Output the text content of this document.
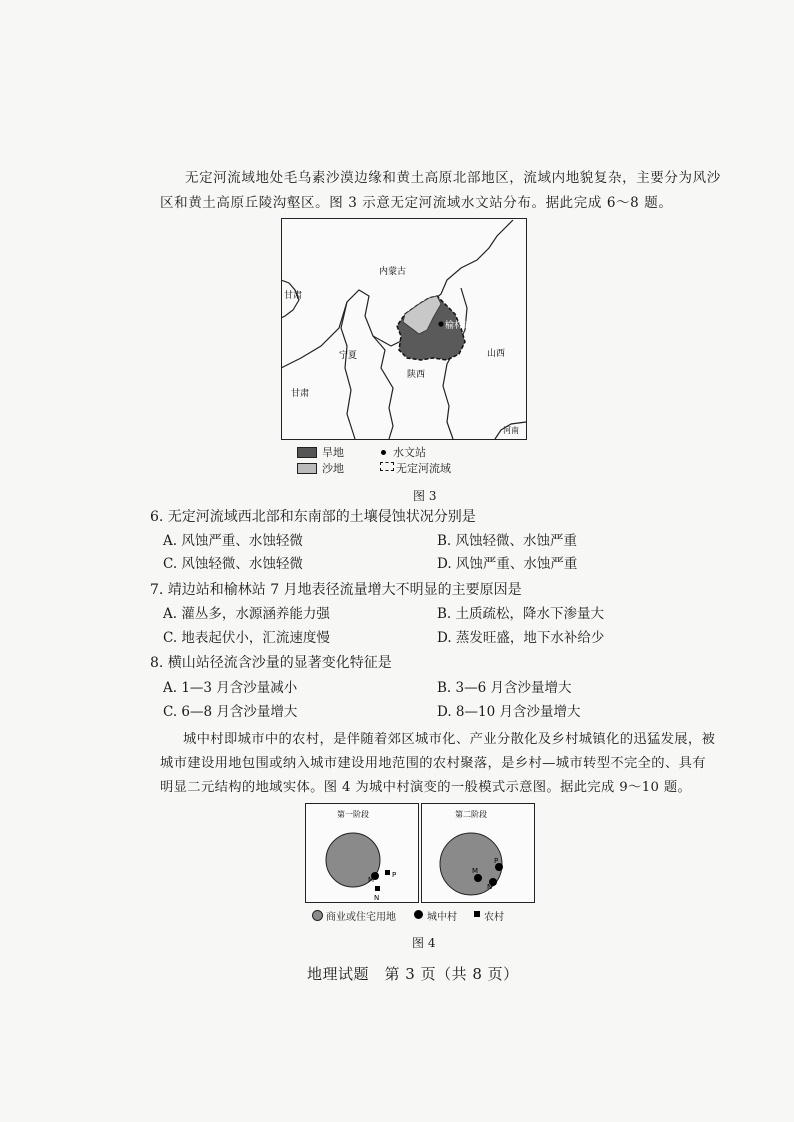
无定河流域地处毛乌素沙漠边缘和黄土高原北部地区，流域内地貌复杂，主要分为风沙
区和黄土高原丘陵沟壑区。图 3 示意无定河流域水文站分布。据此完成 6～8 题。
榆林站
内蒙古
甘肃
宁夏
陕西
山西
甘肃
河南
旱地
沙地
水文站
无定河流域
图 3
6. 无定河流域西北部和东南部的土壤侵蚀状况分别是
A. 风蚀严重、水蚀轻微	B. 风蚀轻微、水蚀严重
C. 风蚀轻微、水蚀轻微	D. 风蚀严重、水蚀严重
7. 靖边站和榆林站 7 月地表径流量增大不明显的主要原因是
A. 灌丛多，水源涵养能力强	B. 土质疏松，降水下渗量大
C. 地表起伏小，汇流速度慢	D. 蒸发旺盛，地下水补给少
8. 横山站径流含沙量的显著变化特征是
A. 1—3 月含沙量减小	B. 3—6 月含沙量增大
C. 6—8 月含沙量增大	D. 8—10 月含沙量增大
城中村即城市中的农村，是伴随着郊区城市化、产业分散化及乡村城镇化的迅猛发展，被
城市建设用地包围或纳入城市建设用地范围的农村聚落，是乡村—城市转型不完全的、具有
明显二元结构的地域实体。图 4 为城中村演变的一般模式示意图。据此完成 9～10 题。
第一阶段	第二阶段
M
P
N
M
P
N
商业或住宅用地	城中村	农村
图 4
地理试题　第 3 页（共 8 页）
